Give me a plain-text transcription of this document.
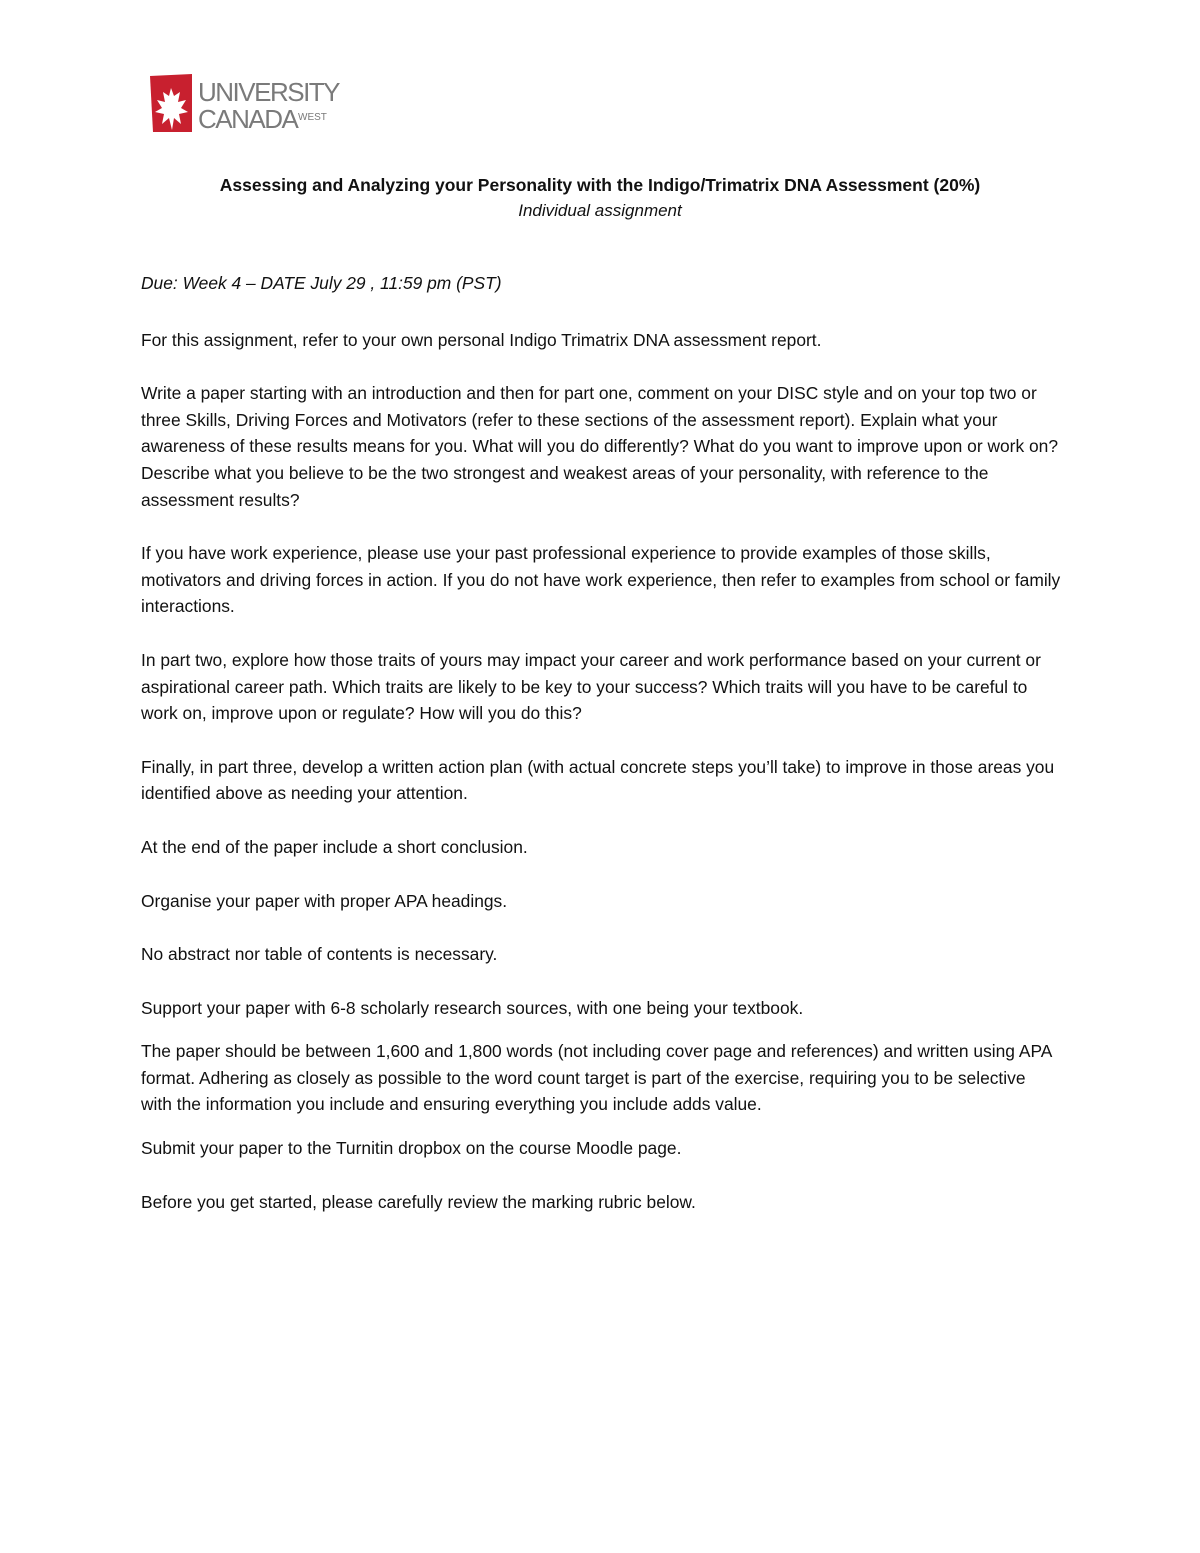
UNIVERSITY
CANADA WEST

Assessing and Analyzing your Personality with the Indigo/Trimatrix DNA Assessment (20%)

Individual assignment

Due: Week 4 – DATE July 29 , 11:59 pm (PST)

For this assignment, refer to your own personal Indigo Trimatrix DNA assessment report.

Write a paper starting with an introduction and then for part one, comment on your DISC style and on your top two or three Skills, Driving Forces and Motivators (refer to these sections of the assessment report). Explain what your awareness of these results means for you. What will you do differently? What do you want to improve upon or work on? Describe what you believe to be the two strongest and weakest areas of your personality, with reference to the assessment results?

If you have work experience, please use your past professional experience to provide examples of those skills, motivators and driving forces in action. If you do not have work experience, then refer to examples from school or family interactions.

In part two, explore how those traits of yours may impact your career and work performance based on your current or aspirational career path. Which traits are likely to be key to your success? Which traits will you have to be careful to work on, improve upon or regulate? How will you do this?

Finally, in part three, develop a written action plan (with actual concrete steps you’ll take) to improve in those areas you identified above as needing your attention.

At the end of the paper include a short conclusion.

Organise your paper with proper APA headings.

No abstract nor table of contents is necessary.

Support your paper with 6-8 scholarly research sources, with one being your textbook.

The paper should be between 1,600 and 1,800 words (not including cover page and references) and written using APA format. Adhering as closely as possible to the word count target is part of the exercise, requiring you to be selective with the information you include and ensuring everything you include adds value.

Submit your paper to the Turnitin dropbox on the course Moodle page.

Before you get started, please carefully review the marking rubric below.
